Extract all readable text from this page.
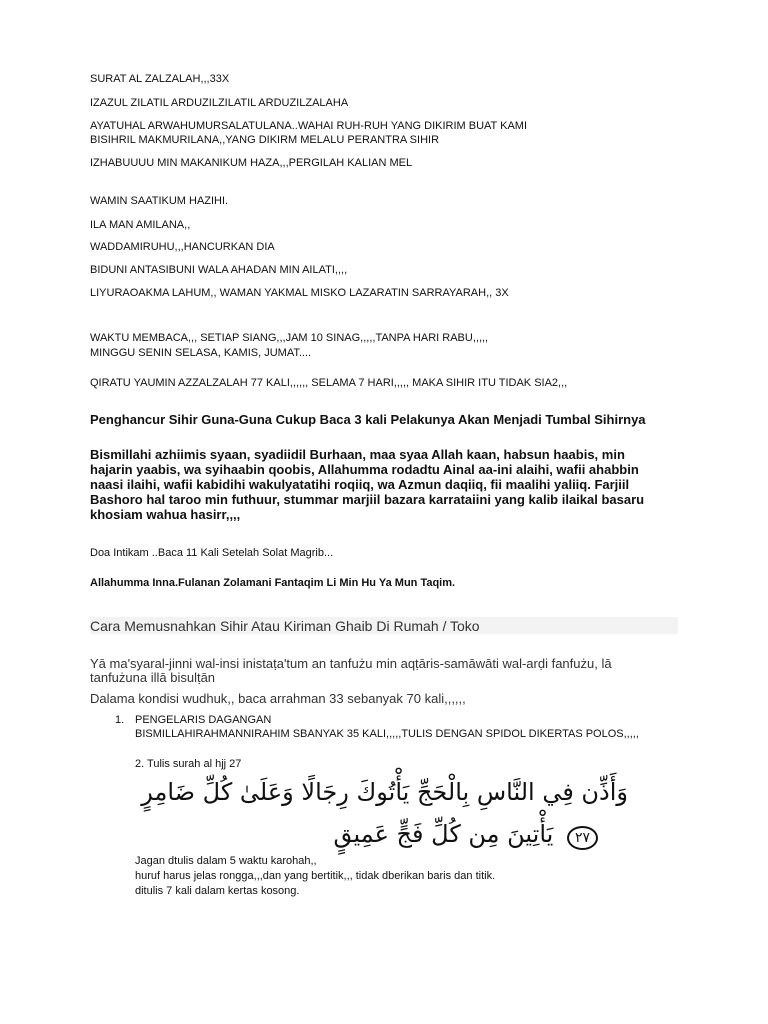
SURAT AL ZALZALAH,,,33X
IZAZUL ZILATIL ARDUZILZILATIL ARDUZILZALAHA
AYATUHAL ARWAHUMURSALATULANA..WAHAI RUH-RUH YANG DIKIRIM BUAT KAMI
BISIHRIL MAKMURILANA,,YANG DIKIRM MELALU PERANTRA SIHIR
IZHABUUUU MIN MAKANIKUM HAZA,,,PERGILAH KALIAN MEL
WAMIN SAATIKUM HAZIHI.
ILA MAN AMILANA,,
WADDAMIRUHU,,,HANCURKAN DIA
BIDUNI ANTASIBUNI WALA AHADAN MIN AILATI,,,,
LIYURAOAKMA LAHUM,, WAMAN YAKMAL MISKO LAZARATIN SARRAYARAH,, 3X
WAKTU MEMBACA,,, SETIAP SIANG,,,JAM 10 SINAG,,,,,TANPA HARI RABU,,,,,
MINGGU SENIN SELASA, KAMIS, JUMAT....
QIRATU YAUMIN AZZALZALAH 77 KALI,,,,,, SELAMA 7 HARI,,,,, MAKA SIHIR ITU TIDAK SIA2,,,
Penghancur Sihir Guna-Guna Cukup Baca 3 kali Pelakunya Akan Menjadi Tumbal Sihirnya
Bismillahi azhiimis syaan, syadiidil Burhaan, maa syaa Allah kaan, habsun haabis, min
hajarin yaabis, wa syihaabin qoobis, Allahumma rodadtu Ainal aa-ini alaihi, wafii ahabbin
naasi ilaihi, wafii kabidihi wakulyatatihi roqiiq, wa Azmun daqiiq, fii maalihi yaliiq. Farjiil
Bashoro hal taroo min futhuur, stummar marjiil bazara karrataiini yang kalib ilaikal basaru
khosiam wahua hasirr,,,,
Doa Intikam ..Baca 11 Kali Setelah Solat Magrib...
Allahumma Inna.Fulanan Zolamani Fantaqim Li Min Hu Ya Mun Taqim.
Cara Memusnahkan Sihir Atau Kiriman Ghaib Di Rumah / Toko
Yā ma'syaral-jinni wal-insi inistaṭa'tum an tanfużu min aqṭāris-samāwāti wal-arḍi fanfużu, lā
tanfużuna illā bisulṭān
Dalama kondisi wudhuk,, baca arrahman 33 sebanyak 70 kali,,,,,,
1. PENGELARIS DAGANGAN
BISMILLAHIRAHMANNIRAHIM SBANYAK 35 KALI,,,,,TULIS DENGAN SPIDOL DIKERTAS POLOS,,,,,
2. Tulis surah al hjj 27
وَأَذِّن فِي النَّاسِ بِالْحَجِّ يَأْتُوكَ رِجَالًا وَعَلَىٰ كُلِّ ضَامِرٍ
٢٧ يَأْتِينَ مِن كُلِّ فَجٍّ عَمِيقٍ
Jagan dtulis dalam 5 waktu karohah,,
huruf harus jelas rongga,,,dan yang bertitik,,, tidak dberikan baris dan titik.
ditulis 7 kali dalam kertas kosong.
